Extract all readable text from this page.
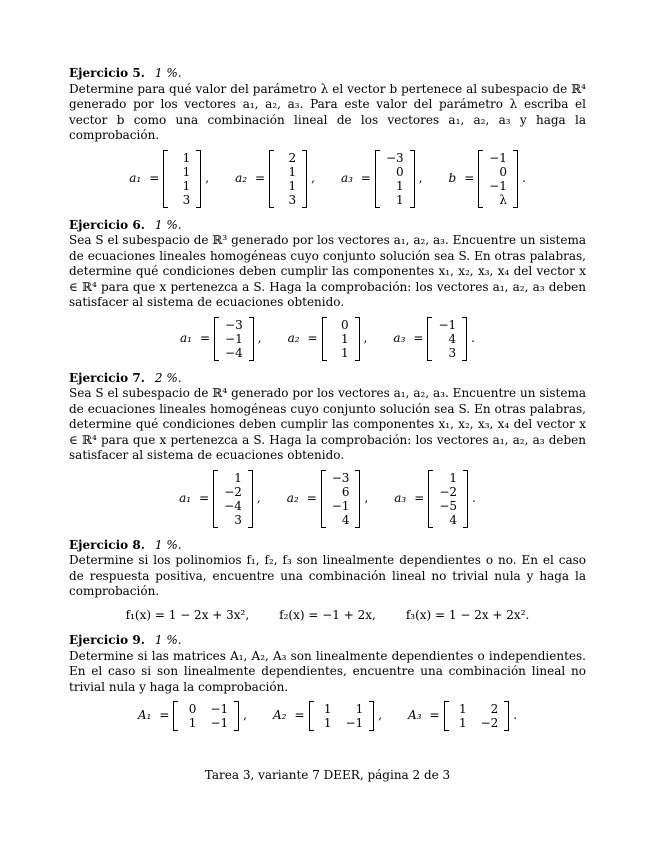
Ejercicio 5. 1 %.

Determine para qué valor del parámetro λ el vector b pertenece al subespacio de ℝ⁴ generado por los vectores a₁, a₂, a₃. Para este valor del parámetro λ escriba el vector b como una combinación lineal de los vectores a₁, a₂, a₃ y haga la comprobación.

a₁ =
1
1
1
3
, a₂ =
2
1
1
3
, a₃ =
−3
0
1
1
, b =
−1
0
−1
λ
.

Ejercicio 6. 1 %.

Sea S el subespacio de ℝ³ generado por los vectores a₁, a₂, a₃. Encuentre un sistema de ecuaciones lineales homogéneas cuyo conjunto solución sea S. En otras palabras, determine qué condiciones deben cumplir las componentes x₁, x₂, x₃, x₄ del vector x ∈ ℝ⁴ para que x pertenezca a S. Haga la comprobación: los vectores a₁, a₂, a₃ deben satisfacer al sistema de ecuaciones obtenido.

a₁ =
−3
−1
−4
, a₂ =
0
1
1
, a₃ =
−1
4
3
.

Ejercicio 7. 2 %.

Sea S el subespacio de ℝ⁴ generado por los vectores a₁, a₂, a₃. Encuentre un sistema de ecuaciones lineales homogéneas cuyo conjunto solución sea S. En otras palabras, determine qué condiciones deben cumplir las componentes x₁, x₂, x₃, x₄ del vector x ∈ ℝ⁴ para que x pertenezca a S. Haga la comprobación: los vectores a₁, a₂, a₃ deben satisfacer al sistema de ecuaciones obtenido.

a₁ =
1
−2
−4
3
, a₂ =
−3
6
−1
4
, a₃ =
1
−2
−5
4
.

Ejercicio 8. 1 %.

Determine si los polinomios f₁, f₂, f₃ son linealmente dependientes o no. En el caso de respuesta positiva, encuentre una combinación lineal no trivial nula y haga la comprobación.

f₁(x) = 1 − 2x + 3x²,	f₂(x) = −1 + 2x,	f₃(x) = 1 − 2x + 2x².

Ejercicio 9. 1 %.

Determine si las matrices A₁, A₂, A₃ son linealmente dependientes o independientes. En el caso si son linealmente dependientes, encuentre una combinación lineal no trivial nula y haga la comprobación.

A₁ =	0 −1
1 −1
, A₂ =	1	1
1 −1
, A₃ =	1	2
1 −2
.
Tarea 3, variante 7 DEER, página 2 de 3
